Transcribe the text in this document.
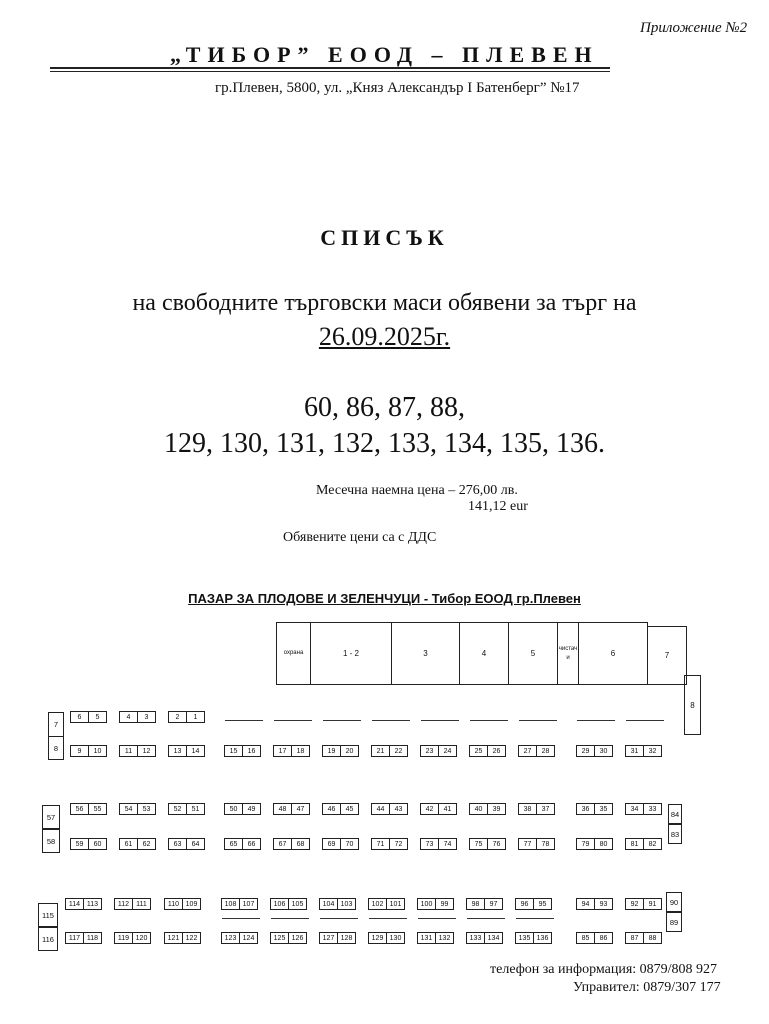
Приложение №2
„ТИБОР” ЕООД – ПЛЕВЕН
гр.Плевен, 5800, ул. „Княз Александър I Батенберг” №17
СПИСЪК
на свободните търговски маси обявени за търг на
26.09.2025г.
60, 86, 87, 88,
129, 130, 131, 132, 133, 134, 135, 136.
Месечна наемна цена – 276,00 лв.
141,12 eur
Обявените цени са с ДДС
ПАЗАР ЗА ПЛОДОВЕ И ЗЕЛЕНЧУЦИ - Тибор ЕООД гр.Плевен
охрана	1 - 2	3	4	5
чистачи	6	7
8
7
8
57
58
115
116
84
83
90
89
6	5	4	3	2	1
9	10	11	12	13	14	15	16	17	18	19	20	21	22	23	24	25	26	27	28	29	30	31	32
56	55	54	53	52	51	50	49	48	47	46	45	44	43	42	41	40	39	38	37	36	35	34	33
59	60	61	62	63	64	65	66	67	68	69	70	71	72	73	74	75	76	77	78	79	80	81	82
114 113	112	111	110 109	108 107	106 105	104 103	102 101	100	99	98	97	96	95	94	93	92	91
117 118	119 120	121 122	123 124	125 126	127 128	129 130	131 132	133 134	135 136	85	86	87	88
телефон за информация: 0879/808 927
Управител: 0879/307 177
